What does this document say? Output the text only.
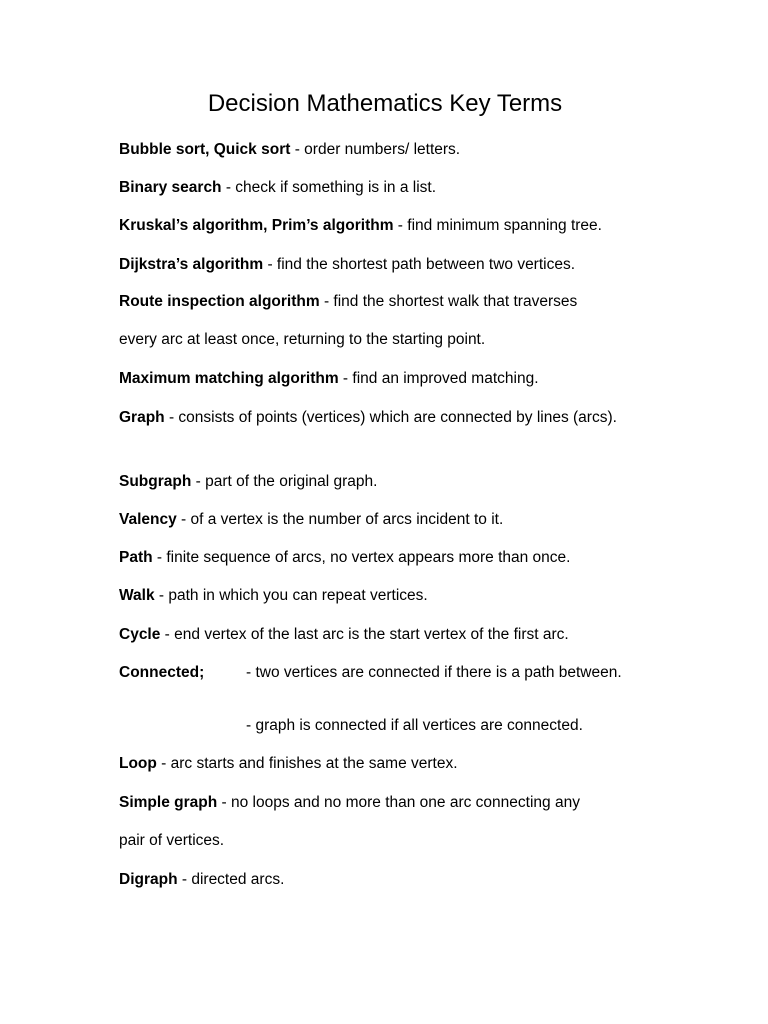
Decision Mathematics Key Terms
Bubble sort, Quick sort - order numbers/ letters.
Binary search - check if something is in a list.
Kruskal’s algorithm, Prim’s algorithm - find minimum spanning tree.
Dijkstra’s algorithm - find the shortest path between two vertices.
Route inspection algorithm - find the shortest walk that traverses
every arc at least once, returning to the starting point.
Maximum matching algorithm - find an improved matching.
Graph - consists of points (vertices) which are connected by lines (arcs).
Subgraph - part of the original graph.
Valency - of a vertex is the number of arcs incident to it.
Path - finite sequence of arcs, no vertex appears more than once.
Walk - path in which you can repeat vertices.
Cycle - end vertex of the last arc is the start vertex of the first arc.
Connected;	- two vertices are connected if there is a path between.
- graph is connected if all vertices are connected.
Loop - arc starts and finishes at the same vertex.
Simple graph - no loops and no more than one arc connecting any
pair of vertices.
Digraph - directed arcs.
